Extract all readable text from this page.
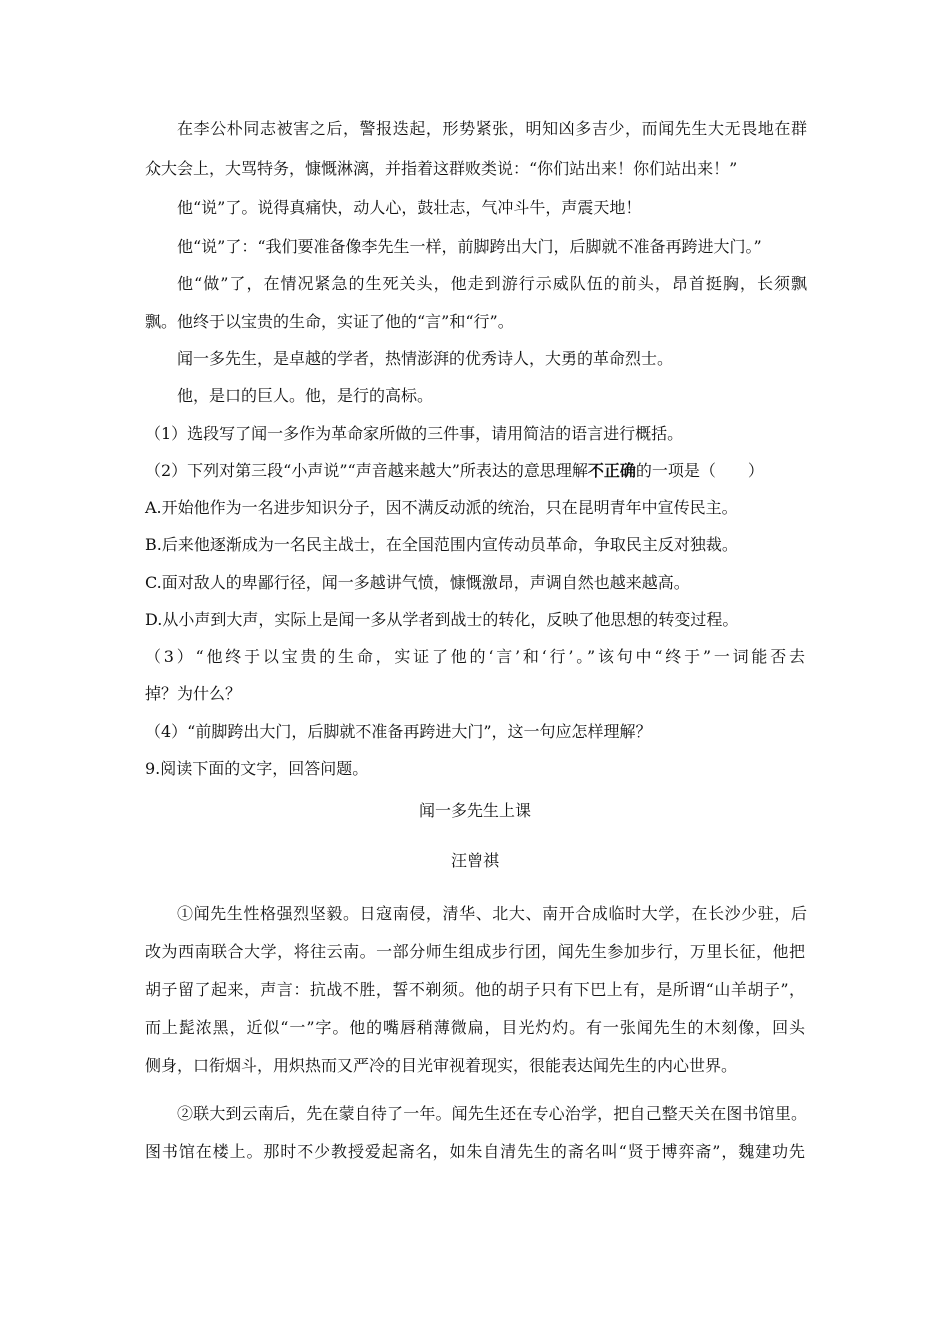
在李公朴同志被害之后，警报迭起，形势紧张，明知凶多吉少，而闻先生大无畏地在群
众大会上，大骂特务，慷慨淋漓，并指着这群败类说：“你们站出来！你们站出来！”
他“说”了。说得真痛快，动人心，鼓壮志，气冲斗牛，声震天地！
他“说”了：“我们要准备像李先生一样，前脚跨出大门，后脚就不准备再跨进大门。”
他“做”了，在情况紧急的生死关头，他走到游行示威队伍的前头，昂首挺胸，长须飘
飘。他终于以宝贵的生命，实证了他的“言”和“行”。
闻一多先生，是卓越的学者，热情澎湃的优秀诗人，大勇的革命烈士。
他，是口的巨人。他，是行的高标。
（1）选段写了闻一多作为革命家所做的三件事，请用简洁的语言进行概括。
（2）下列对第三段“小声说”“声音越来越大”所表达的意思理解不正确的一项是（　　）
A.开始他作为一名进步知识分子，因不满反动派的统治，只在昆明青年中宣传民主。
B.后来他逐渐成为一名民主战士，在全国范围内宣传动员革命，争取民主反对独裁。
C.面对敌人的卑鄙行径，闻一多越讲气愤，慷慨激昂，声调自然也越来越高。
D.从小声到大声，实际上是闻一多从学者到战士的转化，反映了他思想的转变过程。
（3）“他终于以宝贵的生命，实证了他的‘言’和‘行’。”该句中“终于”一词能否去
掉？为什么？
（4）“前脚跨出大门，后脚就不准备再跨进大门”，这一句应怎样理解？
9.阅读下面的文字，回答问题。
闻一多先生上课
汪曾祺
①闻先生性格强烈坚毅。日寇南侵，清华、北大、南开合成临时大学，在长沙少驻，后
改为西南联合大学，将往云南。一部分师生组成步行团，闻先生参加步行，万里长征，他把
胡子留了起来，声言：抗战不胜，誓不剃须。他的胡子只有下巴上有，是所谓“山羊胡子”，
而上髭浓黑，近似“一”字。他的嘴唇稍薄微扁，目光灼灼。有一张闻先生的木刻像，回头
侧身，口衔烟斗，用炽热而又严冷的目光审视着现实，很能表达闻先生的内心世界。
②联大到云南后，先在蒙自待了一年。闻先生还在专心治学，把自己整天关在图书馆里。
图书馆在楼上。那时不少教授爱起斋名，如朱自清先生的斋名叫“贤于博弈斋”，魏建功先
